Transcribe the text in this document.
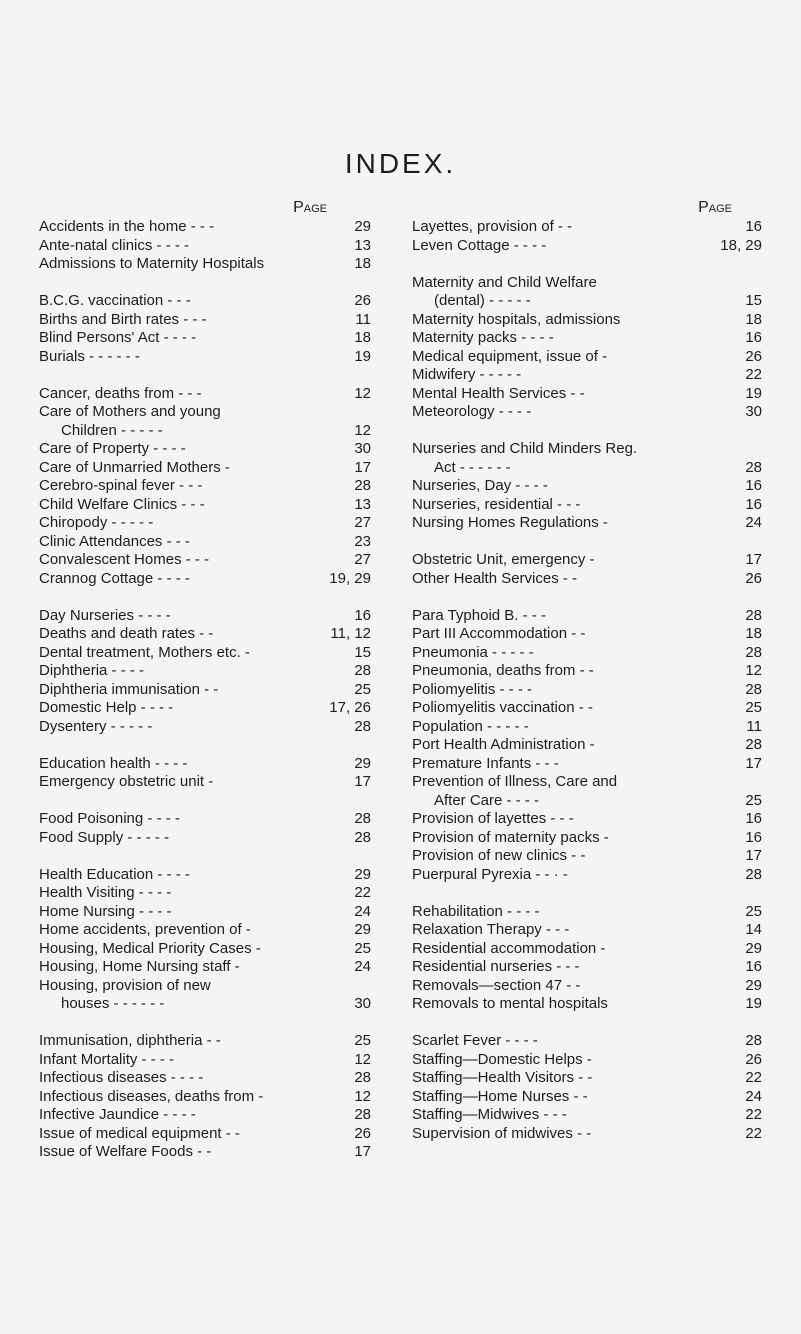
INDEX.
Page
Accidents in the home - - -	29
Ante-natal clinics - - - -	13
Admissions to Maternity Hospitals	18
B.C.G. vaccination - - -	26
Births and Birth rates - - -	11
Blind Persons' Act - - - -	18
Burials - - - - - -	19
Cancer, deaths from - - -	12
Care of Mothers and young
Children - - - - -	12
Care of Property - - - -	30
Care of Unmarried Mothers -	17
Cerebro-spinal fever - - -	28
Child Welfare Clinics - - -	13
Chiropody - - - - -	27
Clinic Attendances - - -	23
Convalescent Homes - - -	27
Crannog Cottage - - - -	19, 29
Day Nurseries - - - -	16
Deaths and death rates - -	11, 12
Dental treatment, Mothers etc. -	15
Diphtheria - - - -	28
Diphtheria immunisation - -	25
Domestic Help - - - -	17, 26
Dysentery - - - - -	28
Education health - - - -	29
Emergency obstetric unit -	17
Food Poisoning - - - -	28
Food Supply - - - - -	28
Health Education - - - -	29
Health Visiting - - - -	22
Home Nursing - - - -	24
Home accidents, prevention of -	29
Housing, Medical Priority Cases -	25
Housing, Home Nursing staff -	24
Housing, provision of new
houses - - - - - -	30
Immunisation, diphtheria - -	25
Infant Mortality - - - -	12
Infectious diseases - - - -	28
Infectious diseases, deaths from -	12
Infective Jaundice - - - -	28
Issue of medical equipment - -	26
Issue of Welfare Foods - -	17
Page
Layettes, provision of - -	16
Leven Cottage - - - -	18, 29
Maternity and Child Welfare
(dental) - - - - -	15
Maternity hospitals, admissions	18
Maternity packs - - - -	16
Medical equipment, issue of -	26
Midwifery - - - - -	22
Mental Health Services - -	19
Meteorology - - - -	30
Nurseries and Child Minders Reg.
Act - - - - - -	28
Nurseries, Day - - - -	16
Nurseries, residential - - -	16
Nursing Homes Regulations -	24
Obstetric Unit, emergency -	17
Other Health Services - -	26
Para Typhoid B. - - -	28
Part III Accommodation - -	18
Pneumonia - - - - -	28
Pneumonia, deaths from - -	12
Poliomyelitis - - - -	28
Poliomyelitis vaccination - -	25
Population - - - - -	11
Port Health Administration -	28
Premature Infants - - -	17
Prevention of Illness, Care and
After Care - - - -	25
Provision of layettes - - -	16
Provision of maternity packs -	16
Provision of new clinics - -	17
Puerpural Pyrexia - - · -	28
Rehabilitation - - - -	25
Relaxation Therapy - - -	14
Residential accommodation -	29
Residential nurseries - - -	16
Removals—section 47 - -	29
Removals to mental hospitals	19
Scarlet Fever - - - -	28
Staffing—Domestic Helps -	26
Staffing—Health Visitors - -	22
Staffing—Home Nurses - -	24
Staffing—Midwives - - -	22
Supervision of midwives - -	22
